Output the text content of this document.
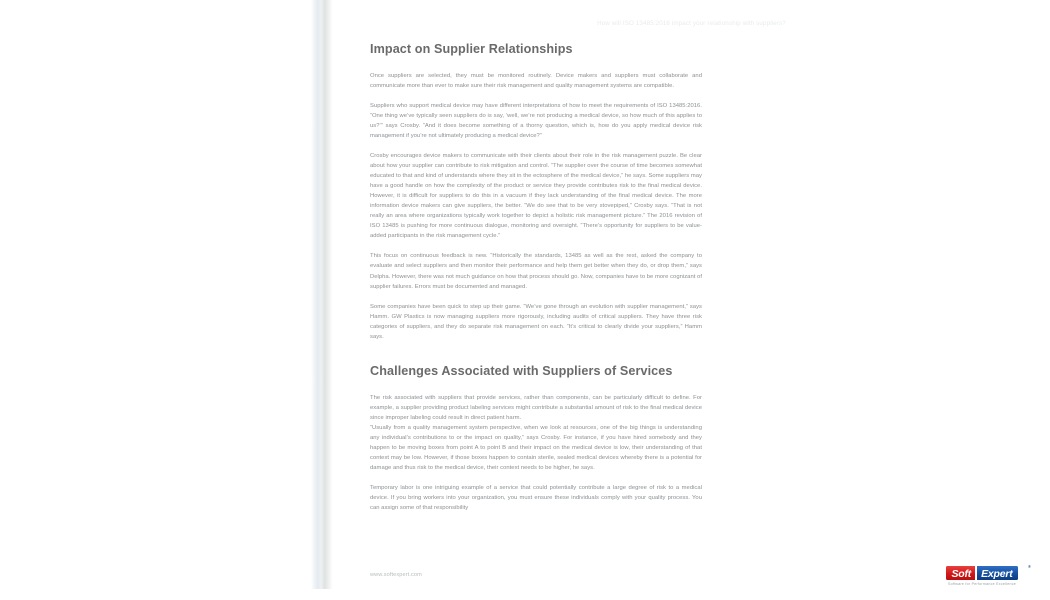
How will ISO 13485:2016 impact your relationship with suppliers?
Impact on Supplier Relationships

Once suppliers are selected, they must be monitored routinely. Device makers and suppliers must collaborate and communicate more than ever to make sure their risk management and quality management systems are compatible.

Suppliers who support medical device may have different interpretations of how to meet the requirements of ISO 13485:2016. “One thing we’ve typically seen suppliers do is say, ‘well, we’re not producing a medical device, so how much of this applies to us?’” says Crosby. “And it does become something of a thorny question, which is, how do you apply medical device risk management if you’re not ultimately producing a medical device?”

Crosby encourages device makers to communicate with their clients about their role in the risk management puzzle. Be clear about how your supplier can contribute to risk mitigation and control. “The supplier over the course of time becomes somewhat educated to that and kind of understands where they sit in the ectosphere of the medical device,” he says. Some suppliers may have a good handle on how the complexity of the product or service they provide contributes risk to the final medical device. However, it is difficult for suppliers to do this in a vacuum if they lack understanding of the final medical device. The more information device makers can give suppliers, the better. “We do see that to be very stovepiped,” Crosby says. “That is not really an area where organizations typically work together to depict a holistic risk management picture.” The 2016 revision of ISO 13485 is pushing for more continuous dialogue, monitoring and oversight. “There’s opportunity for suppliers to be value-added participants in the risk management cycle.”

This focus on continuous feedback is new. “Historically the standards, 13485 as well as the rest, asked the company to evaluate and select suppliers and then monitor their performance and help them get better when they do, or drop them,” says Delpha. However, there was not much guidance on how that process should go. Now, companies have to be more cognizant of supplier failures. Errors must be documented and managed.

Some companies have been quick to step up their game. “We’ve gone through an evolution with supplier management,” says Hamm. GW Plastics is now managing suppliers more rigorously, including audits of critical suppliers. They have three risk categories of suppliers, and they do separate risk management on each. “It’s critical to clearly divide your suppliers,” Hamm says.

Challenges Associated with Suppliers of Services

The risk associated with suppliers that provide services, rather than components, can be particularly difficult to define. For example, a supplier providing product labeling services might contribute a substantial amount of risk to the final medical device since improper labeling could result in direct patient harm.

“Usually from a quality management system perspective, when we look at resources, one of the big things is understanding any individual’s contributions to or the impact on quality,” says Crosby. For instance, if you have hired somebody and they happen to be moving boxes from point A to point B and their impact on the medical device is low, their understanding of that context may be low. However, if those boxes happen to contain sterile, sealed medical devices whereby there is a potential for damage and thus risk to the medical device, their context needs to be higher, he says.

Temporary labor is one intriguing example of a service that could potentially contribute a large degree of risk to a medical device. If you bring workers into your organization, you must ensure these individuals comply with your quality process. You can assign some of that responsibility

www.softexpert.com	Soft Expert
®
Software for Performance Excellence
